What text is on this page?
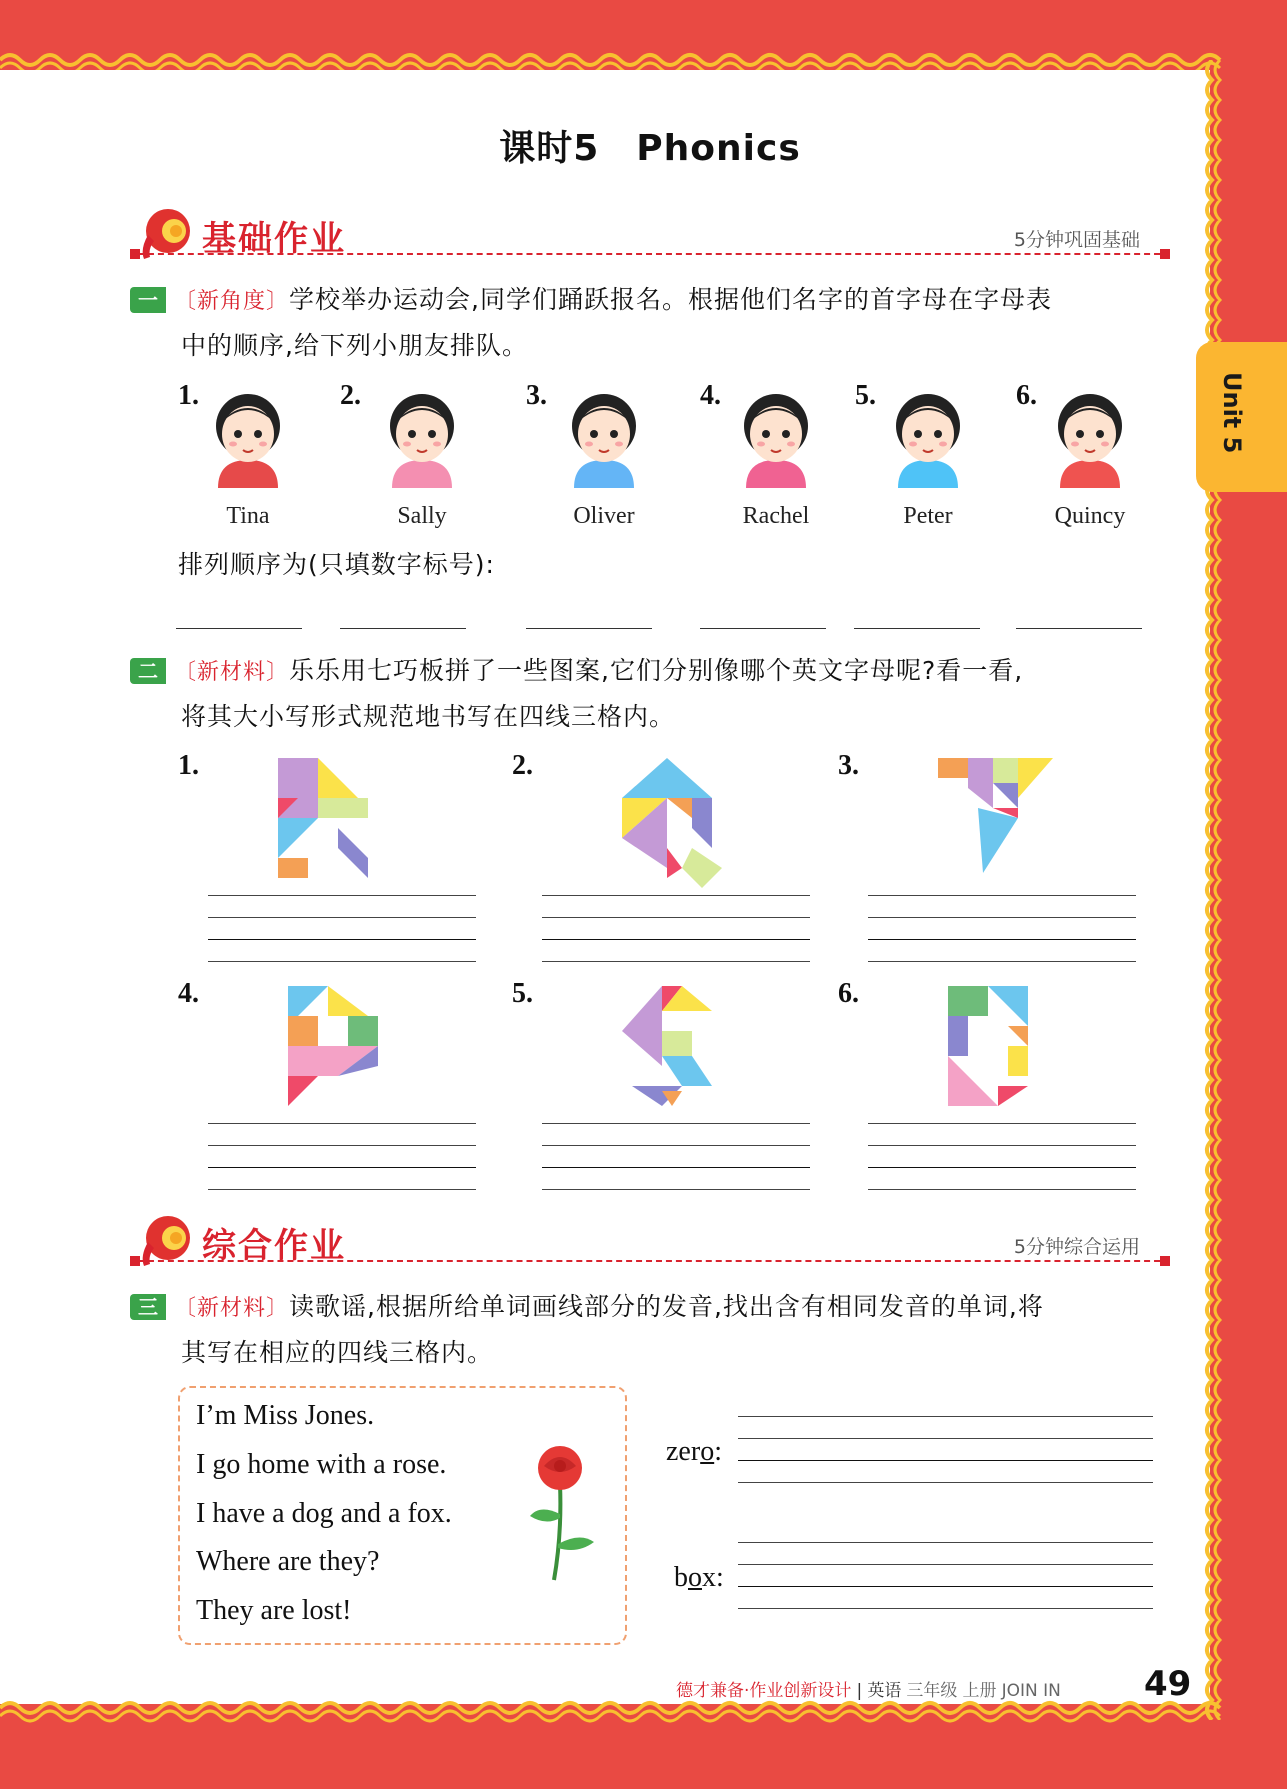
课时5　Phonics
Unit 5
基础作业	5分钟巩固基础
一 〔新角度〕学校举办运动会,同学们踊跃报名。根据他们名字的首字母在字母表
中的顺序,给下列小朋友排队。
1.
Tina
2.
Sally
3.
Oliver
4.
Rachel
5.
Peter
6.
Quincy
排列顺序为(只填数字标号):
二 〔新材料〕乐乐用七巧板拼了一些图案,它们分别像哪个英文字母呢?看一看,
将其大小写形式规范地书写在四线三格内。
1.	2.	3.
4.	5.	6.
综合作业	5分钟综合运用
三 〔新材料〕读歌谣,根据所给单词画线部分的发音,找出含有相同发音的单词,将
其写在相应的四线三格内。
I’m Miss Jones.
I go home with a rose.
I have a dog and a fox.
Where are they?
They are lost!
zero:
box:
德才兼备·作业创新设计 | 英语 三年级 上册 JOIN IN 49
